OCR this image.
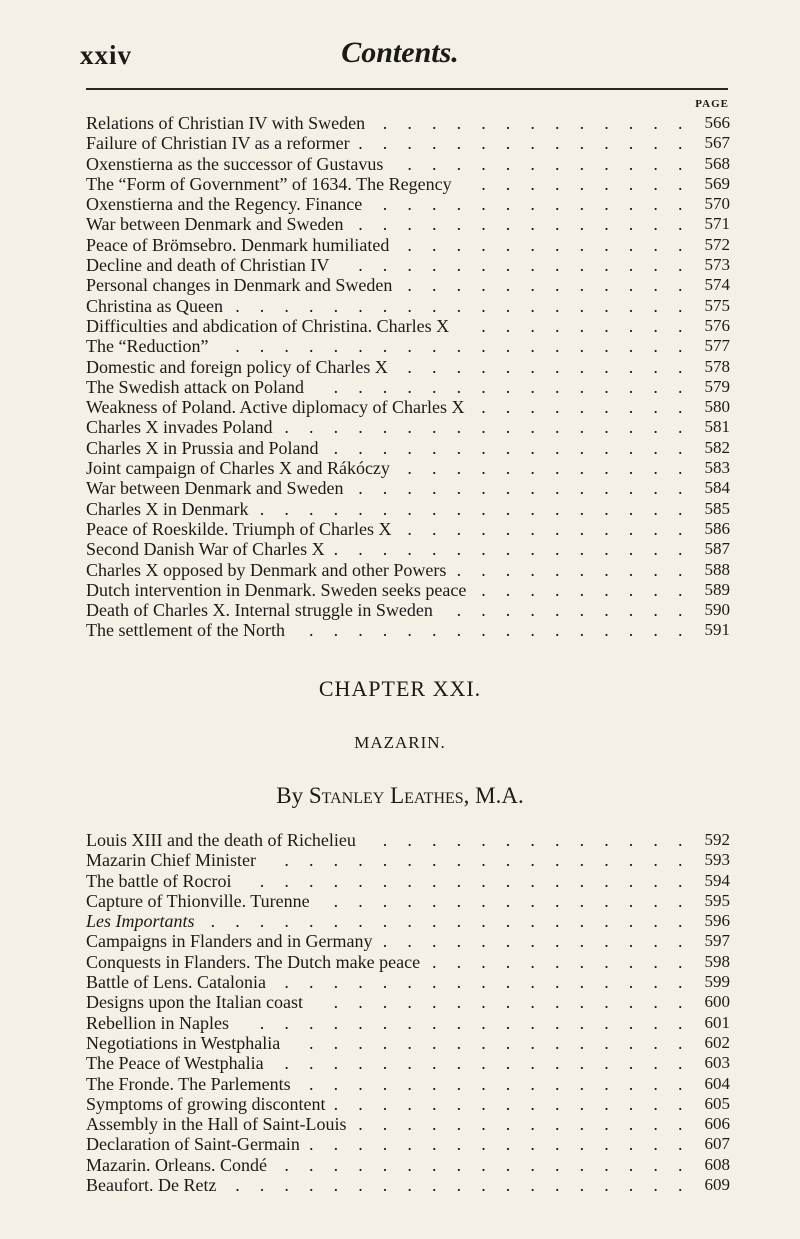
xxiv	Contents.
PAGE
Relations of Christian IV with Sweden	566
.
.
.
.
.
.
.
.
.
.
.
.
.
Failure of Christian IV as a reformer	567
.
.
.
.
.
.
.
.
.
.
.
.
.
.
Oxenstierna as the successor of Gustavus	568
.
.
.
.
.
.
.
.
.
.
.
.
The “Form of Government” of 1634. The Regency	569
.
.
.
.
.
.
.
.
.
Oxenstierna and the Regency. Finance	570
.
.
.
.
.
.
.
.
.
.
.
.
.
War between Denmark and Sweden	571
.
.
.
.
.
.
.
.
.
.
.
.
.
.
Peace of Brömsebro. Denmark humiliated	572
.
.
.
.
.
.
.
.
.
.
.
.
Decline and death of Christian IV	573
.
.
.
.
.
.
.
.
.
.
.
.
.
.
Personal changes in Denmark and Sweden	574
.
.
.
.
.
.
.
.
.
.
.
.
Christina as Queen	575
.
.
.
.
.
.
.
.
.
.
.
.
.
.
.
.
.
.
.
Difficulties and abdication of Christina. Charles X	576
.
.
.
.
.
.
.
.
.
The “Reduction”	577
.
.
.
.
.
.
.
.
.
.
.
.
.
.
.
.
.
.
.
Domestic and foreign policy of Charles X	578
.
.
.
.
.
.
.
.
.
.
.
.
The Swedish attack on Poland	579
.
.
.
.
.
.
.
.
.
.
.
.
.
.
.
Weakness of Poland. Active diplomacy of Charles X	580
.
.
.
.
.
.
.
.
.
Charles X invades Poland	581
.
.
.
.
.
.
.
.
.
.
.
.
.
.
.
.
.
Charles X in Prussia and Poland	582
.
.
.
.
.
.
.
.
.
.
.
.
.
.
.
Joint campaign of Charles X and Rákóczy	583
.
.
.
.
.
.
.
.
.
.
.
.
War between Denmark and Sweden	584
.
.
.
.
.
.
.
.
.
.
.
.
.
.
Charles X in Denmark	585
.
.
.
.
.
.
.
.
.
.
.
.
.
.
.
.
.
.
Peace of Roeskilde. Triumph of Charles X	586
.
.
.
.
.
.
.
.
.
.
.
.
Second Danish War of Charles X	587
.
.
.
.
.
.
.
.
.
.
.
.
.
.
.
Charles X opposed by Denmark and other Powers	588
.
.
.
.
.
.
.
.
.
.
Dutch intervention in Denmark. Sweden seeks peace	589
.
.
.
.
.
.
.
.
.
Death of Charles X. Internal struggle in Sweden	590
.
.
.
.
.
.
.
.
.
.
The settlement of the North	591
.
.
.
.
.
.
.
.
.
.
.
.
.
.
.
.
CHAPTER XXI.
MAZARIN.
By Stanley Leathes, M.A.
Louis XIII and the death of Richelieu	592
.
.
.
.
.
.
.
.
.
.
.
.
.
Mazarin Chief Minister	593
.
.
.
.
.
.
.
.
.
.
.
.
.
.
.
.
.
The battle of Rocroi	594
.
.
.
.
.
.
.
.
.
.
.
.
.
.
.
.
.
.
Capture of Thionville. Turenne	595
.
.
.
.
.
.
.
.
.
.
.
.
.
.
.
Les Importants	596
.
.
.
.
.
.
.
.
.
.
.
.
.
.
.
.
.
.
.
.
Campaigns in Flanders and in Germany	597
.
.
.
.
.
.
.
.
.
.
.
.
.
Conquests in Flanders. The Dutch make peace	598
.
.
.
.
.
.
.
.
.
.
.
Battle of Lens. Catalonia	599
.
.
.
.
.
.
.
.
.
.
.
.
.
.
.
.
.
Designs upon the Italian coast	600
.
.
.
.
.
.
.
.
.
.
.
.
.
.
.
Rebellion in Naples	601
.
.
.
.
.
.
.
.
.
.
.
.
.
.
.
.
.
.
Negotiations in Westphalia	602
.
.
.
.
.
.
.
.
.
.
.
.
.
.
.
.
The Peace of Westphalia	603
.
.
.
.
.
.
.
.
.
.
.
.
.
.
.
.
.
The Fronde. The Parlements	604
.
.
.
.
.
.
.
.
.
.
.
.
.
.
.
.
Symptoms of growing discontent	605
.
.
.
.
.
.
.
.
.
.
.
.
.
.
.
Assembly in the Hall of Saint-Louis	606
.
.
.
.
.
.
.
.
.
.
.
.
.
.
Declaration of Saint-Germain	607
.
.
.
.
.
.
.
.
.
.
.
.
.
.
.
.
Mazarin. Orleans. Condé	608
.
.
.
.
.
.
.
.
.
.
.
.
.
.
.
.
.
Beaufort. De Retz	609
.
.
.
.
.
.
.
.
.
.
.
.
.
.
.
.
.
.
.
